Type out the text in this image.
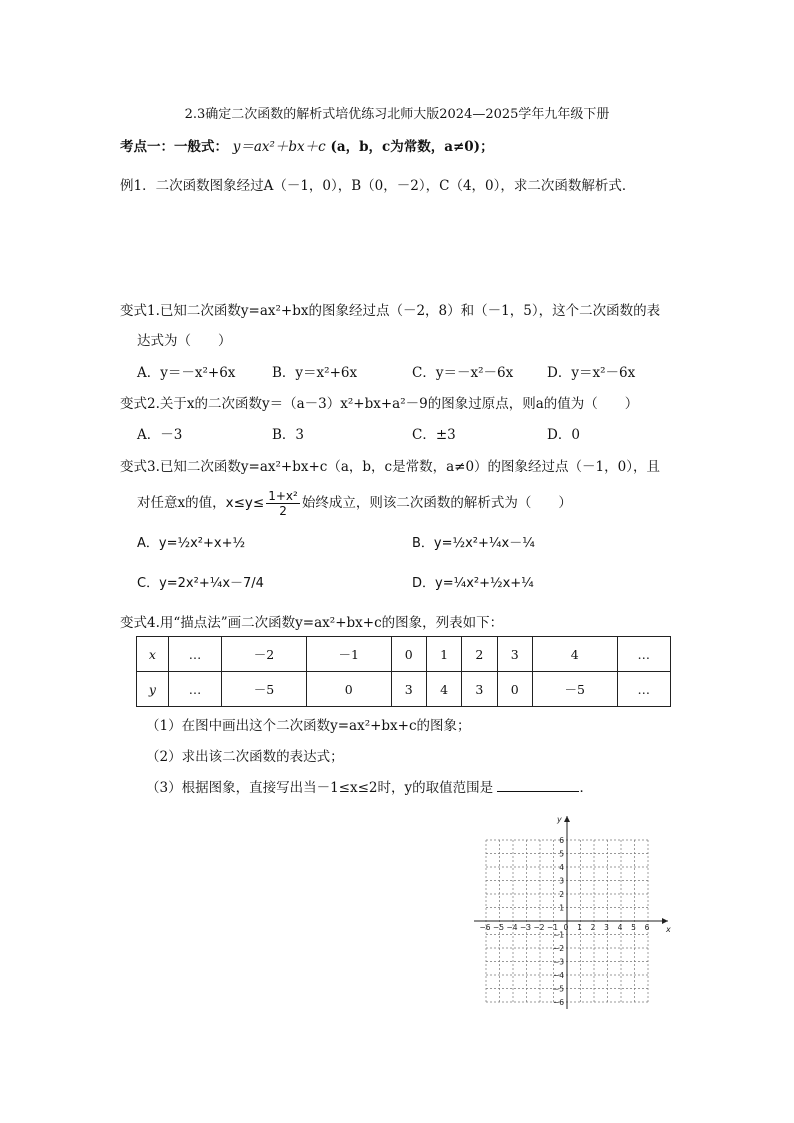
2.3确定二次函数的解析式培优练习北师大版2024—2025学年九年级下册
考点一：一般式： y＝ax²＋bx＋c (a，b，c为常数，a≠0)；
例1．二次函数图象经过A（－1，0），B（0，－2），C（4，0），求二次函数解析式．
变式1.已知二次函数y=ax²+bx的图象经过点（－2，8）和（－1，5），这个二次函数的表
达式为（　　）
A．y＝－x²+6x	B．y＝x²+6x	C．y＝－x²－6x	D．y＝x²－6x
变式2.关于x的二次函数y＝（a－3）x²+bx+a²－9的图象过原点，则a的值为（　　）
A．－3	B．3	C．±3	D．0
变式3.已知二次函数y=ax²+bx+c（a，b，c是常数，a≠0）的图象经过点（－1，0），且
对任意x的值， $x\le y\le \frac{\text{1+x²}}{2}$ 始终成立，则该二次函数的解析式为（　　）
A．y=½x²+x+½	B．y=½x²+¼x－¼
C．y=2x²+¼x－7/4	D．y=¼x²+½x+¼
变式4.用“描点法”画二次函数y=ax²+bx+c的图象，列表如下：
x	…	－2	－1	0	1	2	3	4	…
y	…	－5	0	3	4	3	0	－5	…
（1）在图中画出这个二次函数y=ax²+bx+c的图象；
（2）求出该二次函数的表达式；
（3）根据图象，直接写出当－1≤x≤2时，y的取值范围是	．
−6 −5 −4 −3 −2 −1 0 1 2 3 4 5 6
6
5
4
3
2
1
−1
−2
−3
−4
−5
−6
x
y
